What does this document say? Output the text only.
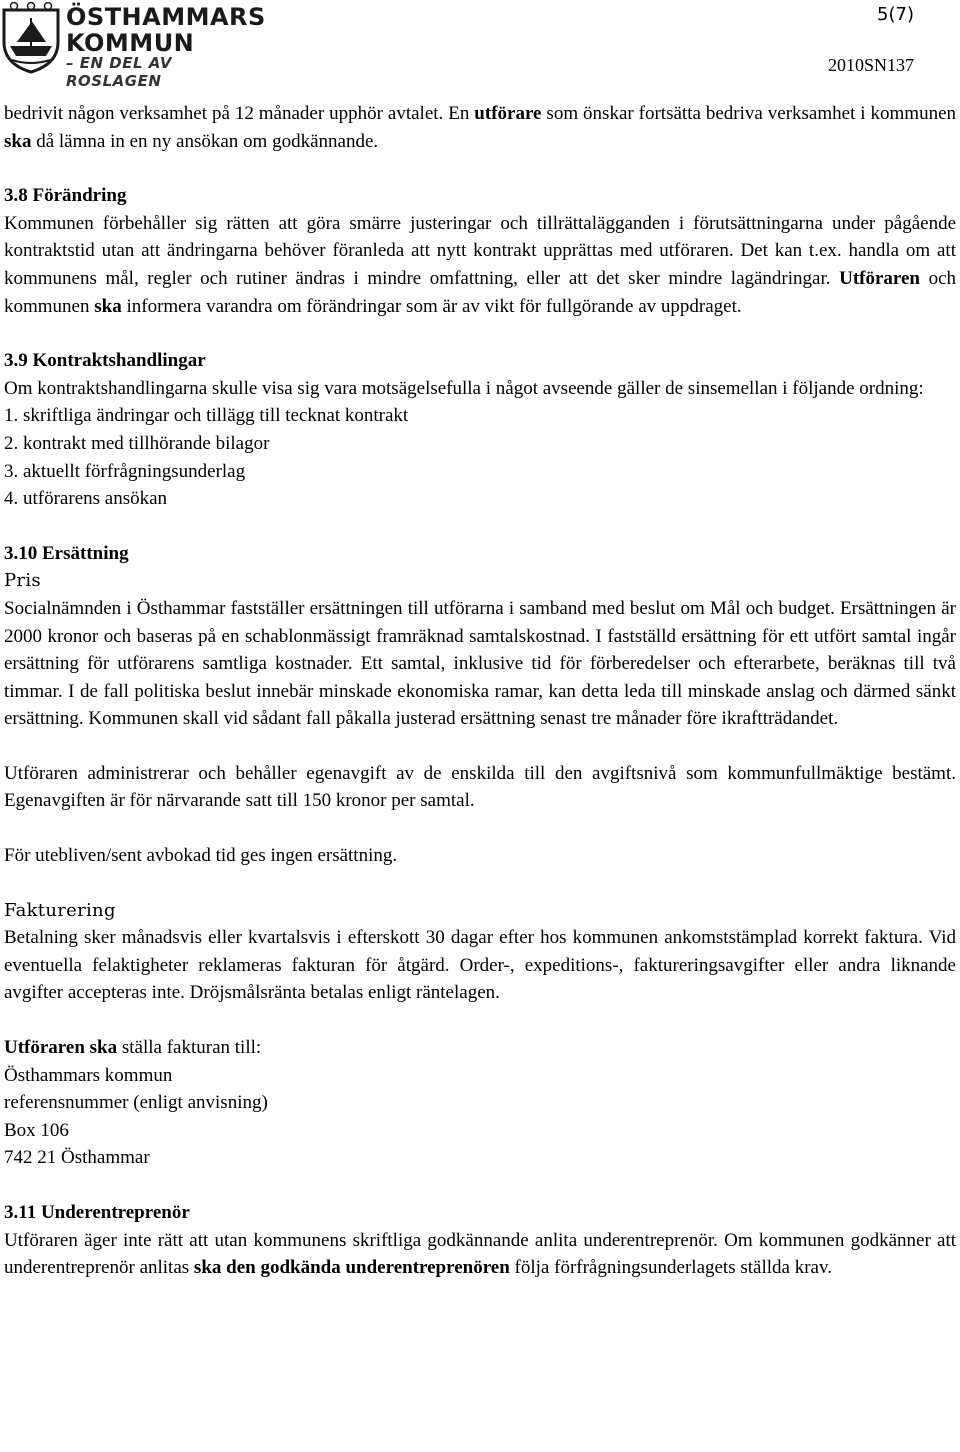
ÖSTHAMMARS
KOMMUN
– EN DEL AV ROSLAGEN
5(7)
2010SN137

bedrivit någon verksamhet på 12 månader upphör avtalet. En utförare som önskar fortsätta bedriva verksamhet i kommunen ska då lämna in en ny ansökan om godkännande.

3.8 Förändring

Kommunen förbehåller sig rätten att göra smärre justeringar och tillrättalägganden i förutsättningarna under pågående kontraktstid utan att ändringarna behöver föranleda att nytt kontrakt upprättas med utföraren. Det kan t.ex. handla om att kommunens mål, regler och rutiner ändras i mindre omfattning, eller att det sker mindre lagändringar. Utföraren och kommunen ska informera varandra om förändringar som är av vikt för fullgörande av uppdraget.

3.9 Kontraktshandlingar

Om kontraktshandlingarna skulle visa sig vara motsägelsefulla i något avseende gäller de sinsemellan i följande ordning:

1. skriftliga ändringar och tillägg till tecknat kontrakt
2. kontrakt med tillhörande bilagor
3. aktuellt förfrågningsunderlag
4. utförarens ansökan
3.10 Ersättning
Pris

Socialnämnden i Östhammar fastställer ersättningen till utförarna i samband med beslut om Mål och budget. Ersättningen är 2000 kronor och baseras på en schablonmässigt framräknad samtalskostnad. I fastställd ersättning för ett utfört samtal ingår ersättning för utförarens samtliga kostnader. Ett samtal, inklusive tid för förberedelser och efterarbete, beräknas till två timmar. I de fall politiska beslut innebär minskade ekonomiska ramar, kan detta leda till minskade anslag och därmed sänkt ersättning. Kommunen skall vid sådant fall påkalla justerad ersättning senast tre månader före ikraftträdandet.

Utföraren administrerar och behåller egenavgift av de enskilda till den avgiftsnivå som kommunfullmäktige bestämt. Egenavgiften är för närvarande satt till 150 kronor per samtal.

För utebliven/sent avbokad tid ges ingen ersättning.

Fakturering

Betalning sker månadsvis eller kvartalsvis i efterskott 30 dagar efter hos kommunen ankomststämplad korrekt faktura. Vid eventuella felaktigheter reklameras fakturan för åtgärd. Order-, expeditions-, faktureringsavgifter eller andra liknande avgifter accepteras inte. Dröjsmålsränta betalas enligt räntelagen.

Utföraren ska ställa fakturan till:
Östhammars kommun
referensnummer (enligt anvisning)
Box 106
742 21 Östhammar
3.11 Underentreprenör

Utföraren äger inte rätt att utan kommunens skriftliga godkännande anlita underentreprenör. Om kommunen godkänner att underentreprenör anlitas ska den godkända underentreprenören följa förfrågningsunderlagets ställda krav.
